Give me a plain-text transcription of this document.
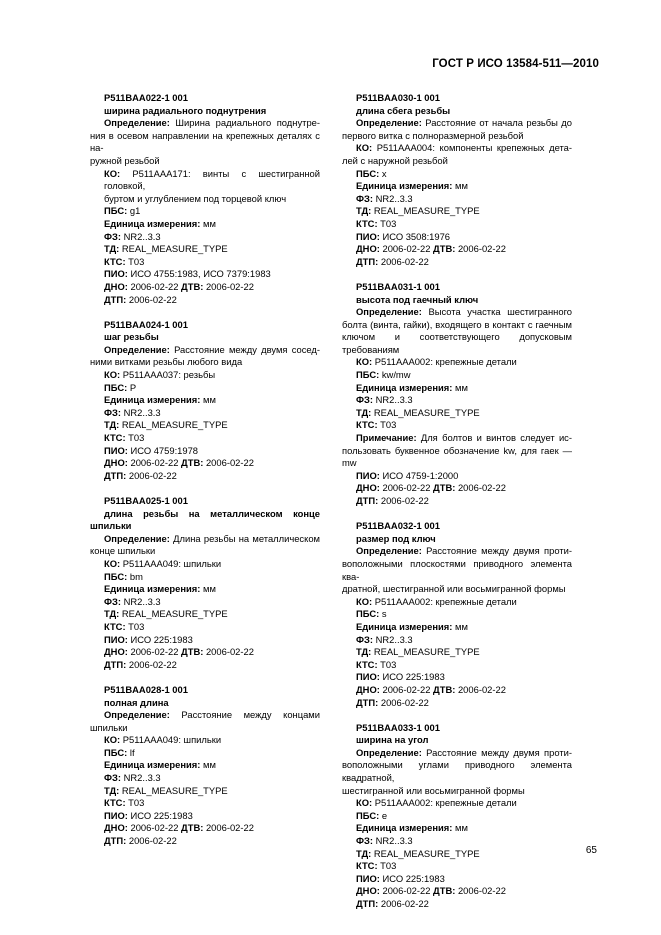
ГОСТ Р ИСО 13584-511—2010
P511BAA022-1 001
ширина радиального поднутрения
Определение: Ширина радиального поднутре-
ния в осевом направлении на крепежных деталях с на-
ружной резьбой
КО: P511AAA171: винты с шестигранной головкой,
буртом и углублением под торцевой ключ
ПБС: g1
Единица измерения: мм
ФЗ: NR2..3.3
ТД: REAL_MEASURE_TYPE
КТС: T03
ПИО: ИСО 4755:1983, ИСО 7379:1983
ДНО: 2006-02-22 ДТВ: 2006-02-22
ДТП: 2006-02-22
P511BAA024-1 001
шаг резьбы
Определение: Расстояние между двумя сосед-
ними витками резьбы любого вида
КО: P511AAA037: резьбы
ПБС: P
Единица измерения: мм
ФЗ: NR2..3.3
ТД: REAL_MEASURE_TYPE
КТС: T03
ПИО: ИСО 4759:1978
ДНО: 2006-02-22 ДТВ: 2006-02-22
ДТП: 2006-02-22
P511BAA025-1 001
длина резьбы на металлическом конце
шпильки
Определение: Длина резьбы на металлическом
конце шпильки
КО: P511AAA049: шпильки
ПБС: bm
Единица измерения: мм
ФЗ: NR2..3.3
ТД: REAL_MEASURE_TYPE
КТС: T03
ПИО: ИСО 225:1983
ДНО: 2006-02-22 ДТВ: 2006-02-22
ДТП: 2006-02-22
P511BAA028-1 001
полная длина
Определение: Расстояние между концами
шпильки
КО: P511AAA049: шпильки
ПБС: lf
Единица измерения: мм
ФЗ: NR2..3.3
ТД: REAL_MEASURE_TYPE
КТС: T03
ПИО: ИСО 225:1983
ДНО: 2006-02-22 ДТВ: 2006-02-22
ДТП: 2006-02-22
P511BAA030-1 001
длина сбега резьбы
Определение: Расстояние от начала резьбы до
первого витка с полноразмерной резьбой
КО: P511AAA004: компоненты крепежных дета-
лей с наружной резьбой
ПБС: x
Единица измерения: мм
ФЗ: NR2..3.3
ТД: REAL_MEASURE_TYPE
КТС: T03
ПИО: ИСО 3508:1976
ДНО: 2006-02-22 ДТВ: 2006-02-22
ДТП: 2006-02-22
P511BAA031-1 001
высота под гаечный ключ
Определение: Высота участка шестигранного
болта (винта, гайки), входящего в контакт с гаечным
ключом и соответствующего допусковым требованиям
КО: P511AAA002: крепежные детали
ПБС: kw/mw
Единица измерения: мм
ФЗ: NR2..3.3
ТД: REAL_MEASURE_TYPE
КТС: T03
Примечание: Для болтов и винтов следует ис-
пользовать буквенное обозначение kw, для гаек — mw
ПИО: ИСО 4759-1:2000
ДНО: 2006-02-22 ДТВ: 2006-02-22
ДТП: 2006-02-22
P511BAA032-1 001
размер под ключ
Определение: Расстояние между двумя проти-
воположными плоскостями приводного элемента ква-
дратной, шестигранной или восьмигранной формы
КО: P511AAA002: крепежные детали
ПБС: s
Единица измерения: мм
ФЗ: NR2..3.3
ТД: REAL_MEASURE_TYPE
КТС: T03
ПИО: ИСО 225:1983
ДНО: 2006-02-22 ДТВ: 2006-02-22
ДТП: 2006-02-22
P511BAA033-1 001
ширина на угол
Определение: Расстояние между двумя проти-
воположными углами приводного элемента квадратной,
шестигранной или восьмигранной формы
КО: P511AAA002: крепежные детали
ПБС: e
Единица измерения: мм
ФЗ: NR2..3.3
ТД: REAL_MEASURE_TYPE
КТС: T03
ПИО: ИСО 225:1983
ДНО: 2006-02-22 ДТВ: 2006-02-22
ДТП: 2006-02-22
65
